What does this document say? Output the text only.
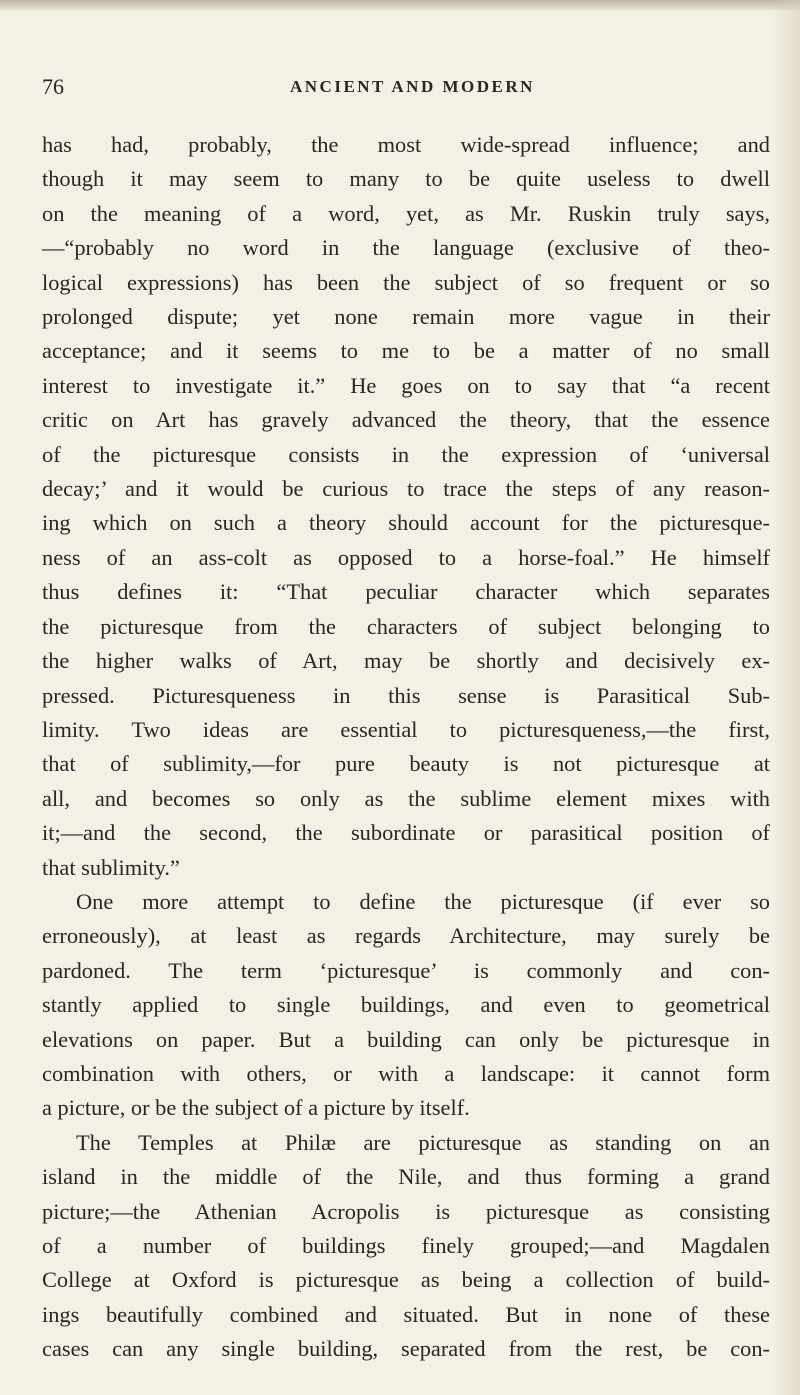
76	ANCIENT AND MODERN
has had, probably, the most wide-spread influence; and
though it may seem to many to be quite useless to dwell
on the meaning of a word, yet, as Mr. Ruskin truly says,
—“probably no word in the language (exclusive of theo-
logical expressions) has been the subject of so frequent or so
prolonged dispute; yet none remain more vague in their
acceptance; and it seems to me to be a matter of no small
interest to investigate it.” He goes on to say that “a recent
critic on Art has gravely advanced the theory, that the essence
of the picturesque consists in the expression of ‘universal
decay;’ and it would be curious to trace the steps of any reason-
ing which on such a theory should account for the picturesque-
ness of an ass-colt as opposed to a horse-foal.” He himself
thus defines it: “That peculiar character which separates
the picturesque from the characters of subject belonging to
the higher walks of Art, may be shortly and decisively ex-
pressed. Picturesqueness in this sense is Parasitical Sub-
limity. Two ideas are essential to picturesqueness,—the first,
that of sublimity,—for pure beauty is not picturesque at
all, and becomes so only as the sublime element mixes with
it;—and the second, the subordinate or parasitical position of
that sublimity.”
One more attempt to define the picturesque (if ever so
erroneously), at least as regards Architecture, may surely be
pardoned. The term ‘picturesque’ is commonly and con-
stantly applied to single buildings, and even to geometrical
elevations on paper. But a building can only be picturesque in
combination with others, or with a landscape: it cannot form
a picture, or be the subject of a picture by itself.
The Temples at Philæ are picturesque as standing on an
island in the middle of the Nile, and thus forming a grand
picture;—the Athenian Acropolis is picturesque as consisting
of a number of buildings finely grouped;—and Magdalen
College at Oxford is picturesque as being a collection of build-
ings beautifully combined and situated. But in none of these
cases can any single building, separated from the rest, be con-
